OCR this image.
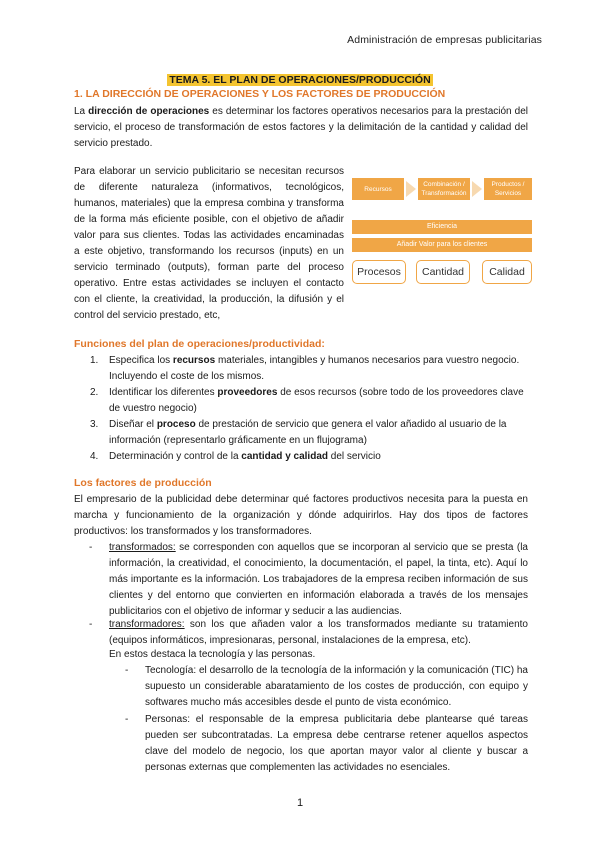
Administración de empresas publicitarias
TEMA 5. EL PLAN DE OPERACIONES/PRODUCCIÓN
1. LA DIRECCIÓN DE OPERACIONES Y LOS FACTORES DE PRODUCCIÓN
La dirección de operaciones es determinar los factores operativos necesarios para la prestación del servicio, el proceso de transformación de estos factores y la delimitación de la cantidad y calidad del servicio prestado.
Para elaborar un servicio publicitario se necesitan recursos de diferente naturaleza (informativos, tecnológicos, humanos, materiales) que la empresa combina y transforma de la forma más eficiente posible, con el objetivo de añadir valor para sus clientes. Todas las actividades encaminadas a este objetivo, transformando los recursos (inputs) en un servicio terminado (outputs), forman parte del proceso operativo. Entre estas actividades se incluyen el contacto con el cliente, la creatividad, la producción, la difusión y el control del servicio prestado, etc,
Recursos
Combinación / Transformación
Productos / Servicios
Eficiencia
Añadir Valor para los clientes
Procesos	Cantidad	Calidad
Funciones del plan de operaciones/productividad:
1. Especifica los recursos materiales, intangibles y humanos necesarios para vuestro negocio. Incluyendo el coste de los mismos.
2. Identificar los diferentes proveedores de esos recursos (sobre todo de los proveedores clave de vuestro negocio)
3. Diseñar el proceso de prestación de servicio que genera el valor añadido al usuario de la información (representarlo gráficamente en un flujograma)
4. Determinación y control de la cantidad y calidad del servicio
Los factores de producción
El empresario de la publicidad debe determinar qué factores productivos necesita para la puesta en marcha y funcionamiento de la organización y dónde adquirirlos. Hay dos tipos de factores productivos: los transformados y los transformadores.
- transformados: se corresponden con aquellos que se incorporan al servicio que se presta (la información, la creatividad, el conocimiento, la documentación, el papel, la tinta, etc). Aquí lo más importante es la información. Los trabajadores de la empresa reciben información de sus clientes y del entorno que convierten en información elaborada a través de los mensajes publicitarios con el objetivo de informar y seducir a las audiencias.
- transformadores: son los que añaden valor a los transformados mediante su tratamiento (equipos informáticos, impresionaras, personal, instalaciones de la empresa, etc).
En estos destaca la tecnología y las personas.
- Tecnología: el desarrollo de la tecnología de la información y la comunicación (TIC) ha supuesto un considerable abaratamiento de los costes de producción, con equipo y softwares mucho más accesibles desde el punto de vista económico.
- Personas: el responsable de la empresa publicitaria debe plantearse qué tareas pueden ser subcontratadas. La empresa debe centrarse retener aquellos aspectos clave del modelo de negocio, los que aportan mayor valor al cliente y buscar a personas externas que complementen las actividades no esenciales.
1
